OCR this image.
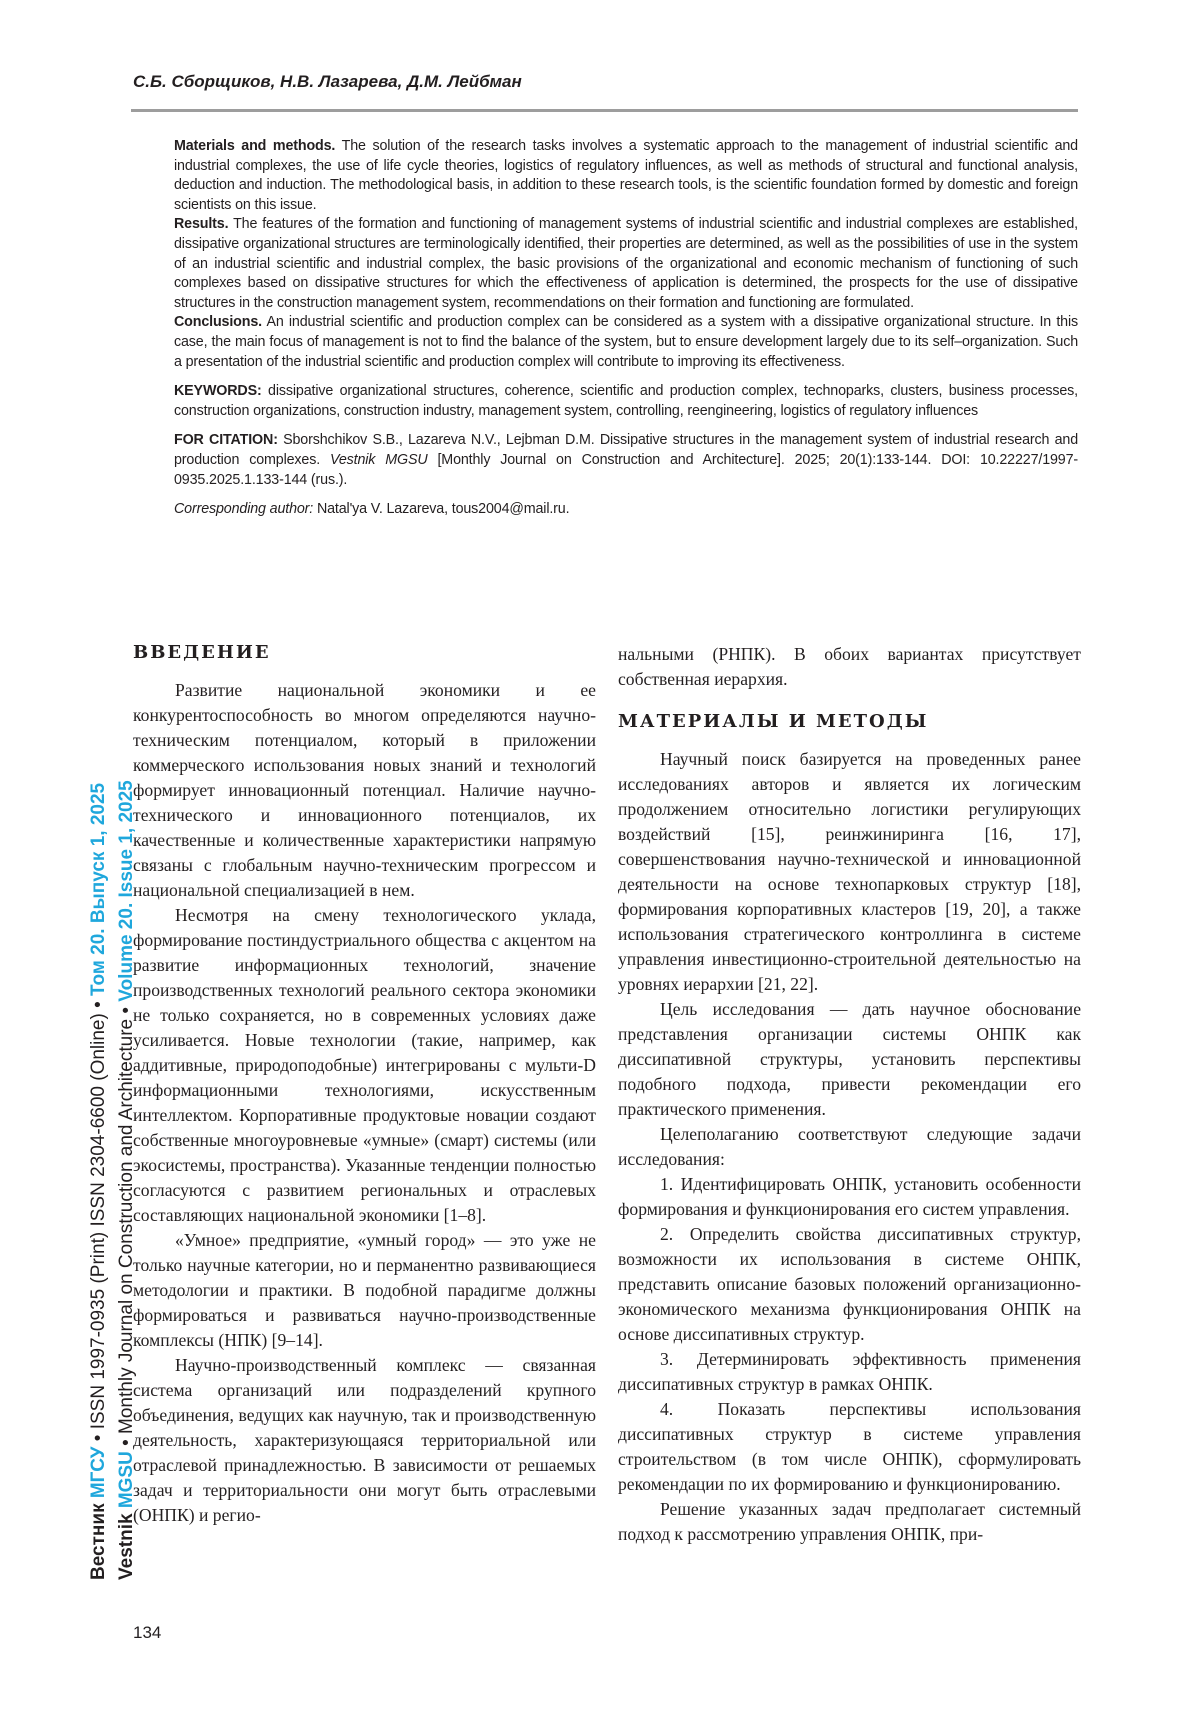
С.Б. Сборщиков, Н.В. Лазарева, Д.М. Лейбман

Materials and methods. The solution of the research tasks involves a systematic approach to the management of industrial scientific and industrial complexes, the use of life cycle theories, logistics of regulatory influences, as well as methods of structural and functional analysis, deduction and induction. The methodological basis, in addition to these research tools, is the scientific foundation formed by domestic and foreign scientists on this issue.

Results. The features of the formation and functioning of management systems of industrial scientific and industrial complexes are established, dissipative organizational structures are terminologically identified, their properties are determined, as well as the possibilities of use in the system of an industrial scientific and industrial complex, the basic provisions of the organizational and economic mechanism of functioning of such complexes based on dissipative structures for which the effectiveness of application is determined, the prospects for the use of dissipative structures in the construction management system, recommendations on their formation and functioning are formulated.

Conclusions. An industrial scientific and production complex can be considered as a system with a dissipative organizational structure. In this case, the main focus of management is not to find the balance of the system, but to ensure development largely due to its self–organization. Such a presentation of the industrial scientific and production complex will contribute to improving its effectiveness.

KEYWORDS: dissipative organizational structures, coherence, scientific and production complex, technoparks, clusters, business processes, construction organizations, construction industry, management system, controlling, reengineering, logistics of regulatory influences

FOR CITATION: Sborshchikov S.B., Lazareva N.V., Lejbman D.M. Dissipative structures in the management system of industrial research and production complexes. Vestnik MGSU [Monthly Journal on Construction and Architecture]. 2025; 20(1):133-144. DOI: 10.22227/1997-0935.2025.1.133-144 (rus.).

Corresponding author: Natal'ya V. Lazareva, tous2004@mail.ru.

Вестник МГСУ • ISSN 1997-0935 (Print) ISSN 2304-6600 (Online) • Том 20. Выпуск 1, 2025
Vestnik MGSU • Monthly Journal on Construction and Architecture • Volume 20. Issue 1, 2025
ВВЕДЕНИЕ

Развитие национальной экономики и ее конкурентоспособность во многом определяются научно-техническим потенциалом, который в приложении коммерческого использования новых знаний и технологий формирует инновационный потенциал. Наличие научно-технического и инновационного потенциалов, их качественные и количественные характеристики напрямую связаны с глобальным научно-техническим прогрессом и национальной специализацией в нем.

Несмотря на смену технологического уклада, формирование постиндустриального общества с акцентом на развитие информационных технологий, значение производственных технологий реального сектора экономики не только сохраняется, но в современных условиях даже усиливается. Новые технологии (такие, например, как аддитивные, природоподобные) интегрированы с мульти-D информационными технологиями, искусственным интеллектом. Корпоративные продуктовые новации создают собственные многоуровневые «умные» (смарт) системы (или экосистемы, пространства). Указанные тенденции полностью согласуются с развитием региональных и отраслевых составляющих национальной экономики [1–8].

«Умное» предприятие, «умный город» — это уже не только научные категории, но и перманентно развивающиеся методологии и практики. В подобной парадигме должны формироваться и развиваться научно-производственные комплексы (НПК) [9–14].

Научно-производственный комплекс — связанная система организаций или подразделений крупного объединения, ведущих как научную, так и производственную деятельность, характеризующаяся территориальной или отраслевой принадлежностью. В зависимости от решаемых задач и территориальности они могут быть отраслевыми (ОНПК) и регио-

нальными (РНПК). В обоих вариантах присутствует собственная иерархия.

МАТЕРИАЛЫ И МЕТОДЫ

Научный поиск базируется на проведенных ранее исследованиях авторов и является их логическим продолжением относительно логистики регулирующих воздействий [15], реинжиниринга [16, 17], совершенствования научно-технической и инновационной деятельности на основе технопарковых структур [18], формирования корпоративных кластеров [19, 20], а также использования стратегического контроллинга в системе управления инвестиционно-строительной деятельностью на уровнях иерархии [21, 22].

Цель исследования — дать научное обоснование представления организации системы ОНПК как диссипативной структуры, установить перспективы подобного подхода, привести рекомендации его практического применения.

Целеполаганию соответствуют следующие задачи исследования:

1. Идентифицировать ОНПК, установить особенности формирования и функционирования его систем управления.

2. Определить свойства диссипативных структур, возможности их использования в системе ОНПК, представить описание базовых положений организационно-экономического механизма функционирования ОНПК на основе диссипативных структур.

3. Детерминировать эффективность применения диссипативных структур в рамках ОНПК.

4. Показать перспективы использования диссипативных структур в системе управления строительством (в том числе ОНПК), сформулировать рекомендации по их формированию и функционированию.

Решение указанных задач предполагает системный подход к рассмотрению управления ОНПК, при-

134
